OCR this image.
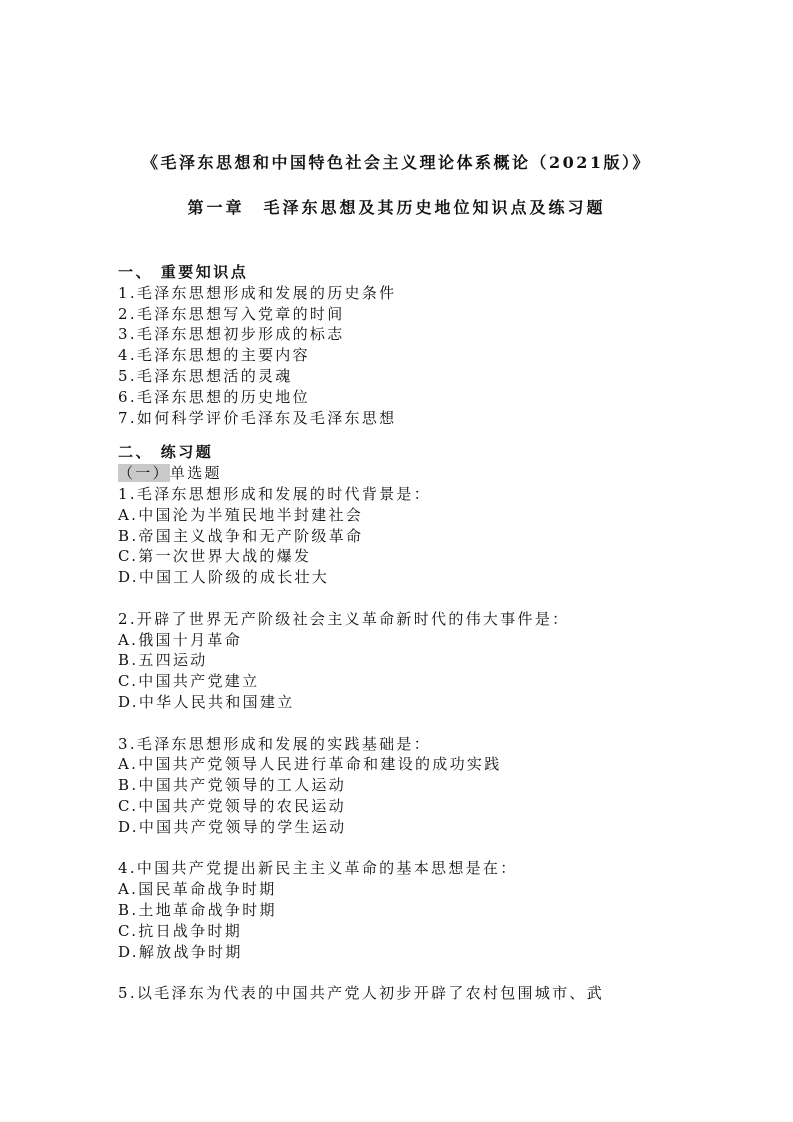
《毛泽东思想和中国特色社会主义理论体系概论（2021版）》
第一章　毛泽东思想及其历史地位知识点及练习题
一、 重要知识点
1.毛泽东思想形成和发展的历史条件
2.毛泽东思想写入党章的时间
3.毛泽东思想初步形成的标志
4.毛泽东思想的主要内容
5.毛泽东思想活的灵魂
6.毛泽东思想的历史地位
7.如何科学评价毛泽东及毛泽东思想
二、 练习题
（一）单选题
1.毛泽东思想形成和发展的时代背景是：
A.中国沦为半殖民地半封建社会
B.帝国主义战争和无产阶级革命
C.第一次世界大战的爆发
D.中国工人阶级的成长壮大
2.开辟了世界无产阶级社会主义革命新时代的伟大事件是：
A.俄国十月革命
B.五四运动
C.中国共产党建立
D.中华人民共和国建立
3.毛泽东思想形成和发展的实践基础是：
A.中国共产党领导人民进行革命和建设的成功实践
B.中国共产党领导的工人运动
C.中国共产党领导的农民运动
D.中国共产党领导的学生运动
4.中国共产党提出新民主主义革命的基本思想是在：
A.国民革命战争时期
B.土地革命战争时期
C.抗日战争时期
D.解放战争时期
5.以毛泽东为代表的中国共产党人初步开辟了农村包围城市、武
